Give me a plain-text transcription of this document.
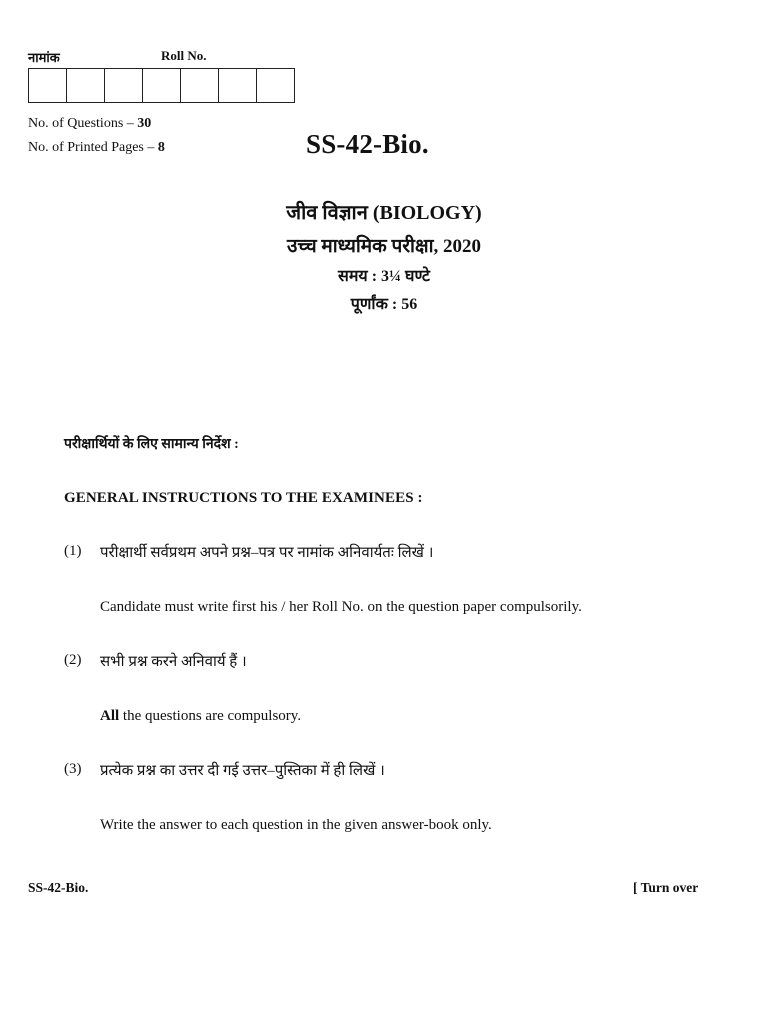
नामांक	Roll No.
No. of Questions – 30
No. of Printed Pages – 8	SS-42-Bio.
जीव विज्ञान (BIOLOGY)
उच्च माध्यमिक परीक्षा, 2020
समय : 3¼ घण्टे
पूर्णांक : 56
परीक्षार्थियों के लिए सामान्य निर्देश :
GENERAL INSTRUCTIONS TO THE EXAMINEES :
(1) परीक्षार्थी सर्वप्रथम अपने प्रश्न–पत्र पर नामांक अनिवार्यतः लिखें ।
Candidate must write first his / her Roll No. on the question paper compulsorily.
(2) सभी प्रश्न करने अनिवार्य हैं ।
All the questions are compulsory.
(3) प्रत्येक प्रश्न का उत्तर दी गई उत्तर–पुस्तिका में ही लिखें ।
Write the answer to each question in the given answer-book only.
SS-42-Bio.	[ Turn over
